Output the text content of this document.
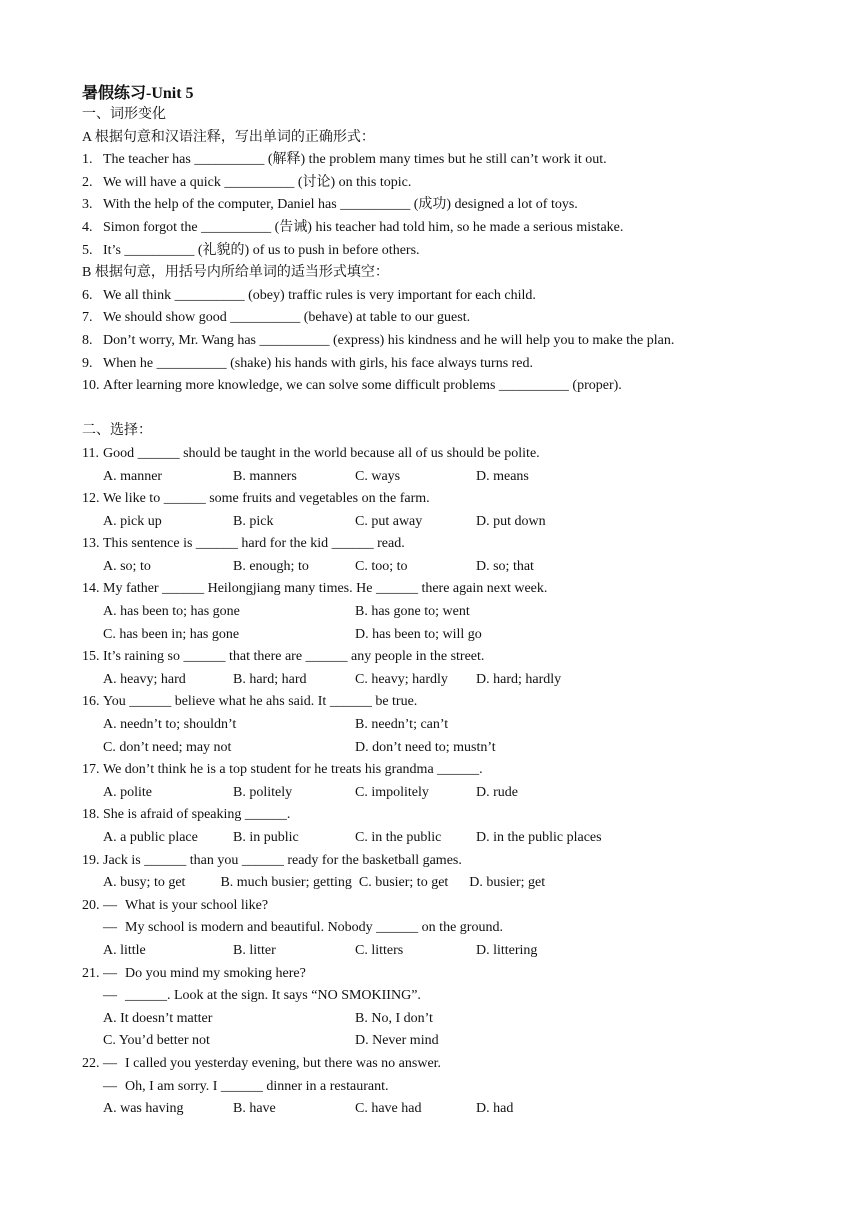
暑假练习-Unit 5
一、词形变化
A 根据句意和汉语注释，写出单词的正确形式：
1. The teacher has __________ (解释) the problem many times but he still can’t work it out.
2. We will have a quick __________ (讨论) on this topic.
3. With the help of the computer, Daniel has __________ (成功) designed a lot of toys.
4. Simon forgot the __________ (告诫) his teacher had told him, so he made a serious mistake.
5. It’s __________ (礼貌的) of us to push in before others.
B 根据句意，用括号内所给单词的适当形式填空：
6. We all think __________ (obey) traffic rules is very important for each child.
7. We should show good __________ (behave) at table to our guest.
8. Don’t worry, Mr. Wang has __________ (express) his kindness and he will help you to make the plan.
9. When he __________ (shake) his hands with girls, his face always turns red.
10. After learning more knowledge, we can solve some difficult problems __________ (proper).
二、选择：
11. Good ______ should be taught in the world because all of us should be polite.
A. manner	B. manners	C. ways	D. means
12. We like to ______ some fruits and vegetables on the farm.
A. pick up	B. pick	C. put away	D. put down
13. This sentence is ______ hard for the kid ______ read.
A. so; to	B. enough; to	C. too; to	D. so; that
14. My father ______ Heilongjiang many times. He ______ there again next week.
A. has been to; has gone	B. has gone to; went
C. has been in; has gone	D. has been to; will go
15. It’s raining so ______ that there are ______ any people in the street.
A. heavy; hard	B. hard; hard	C. heavy; hardly D. hard; hardly
16. You ______ believe what he ahs said. It ______ be true.
A. needn’t to; shouldn’t	B. needn’t; can’t
C. don’t need; may not	D. don’t need to; mustn’t
17. We don’t think he is a top student for he treats his grandma ______.
A. polite	B. politely	C. impolitely	D. rude
18. She is afraid of speaking ______.
A. a public place	B. in public	C. in the public D. in the public places
19. Jack is ______ than you ______ ready for the basketball games.
A. busy; to get          B. much busier; getting  C. busier; to get      D. busier; get
20. — What is your school like?
— My school is modern and beautiful. Nobody ______ on the ground.
A. little	B. litter	C. litters	D. littering
21. — Do you mind my smoking here?
— ______. Look at the sign. It says “NO SMOKIING”.
A. It doesn’t matter	B. No, I don’t
C. You’d better not	D. Never mind
22. — I called you yesterday evening, but there was no answer.
— Oh, I am sorry. I ______ dinner in a restaurant.
A. was having	B. have	C. have had	D. had
